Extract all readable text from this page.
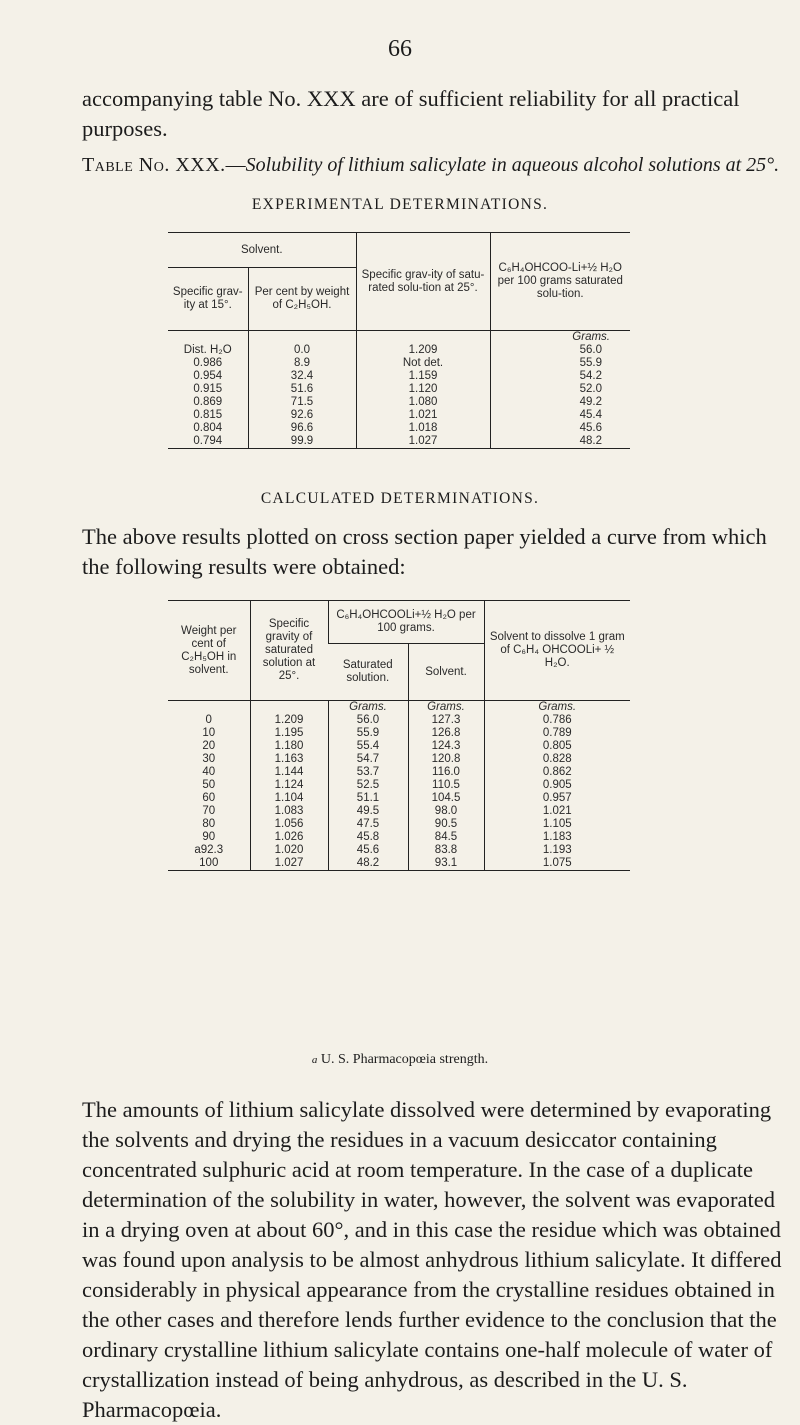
66
accompanying table No. XXX are of sufficient reliability for all practical purposes.
Table No. XXX.—Solubility of lithium salicylate in aqueous alcohol solutions at 25°.
EXPERIMENTAL DETERMINATIONS.
Solvent.		Specific grav-ity of satu-rated solu-tion at 25°.	C₆H₄OHCOO-Li+½ H₂O per 100 grams saturated solu-tion.
Specific grav-ity at 15°.	Per cent by weight of C₂H₅OH.		
			Grams.
Dist. H₂O	0.0	1.209	56.0
0.986	8.9	Not det.	55.9
0.954	32.4	1.159	54.2
0.915	51.6	1.120	52.0
0.869	71.5	1.080	49.2
0.815	92.6	1.021	45.4
0.804	96.6	1.018	45.6
0.794	99.9	1.027	48.2
CALCULATED DETERMINATIONS.
The above results plotted on cross section paper yielded a curve from which the following results were obtained:
Weight per cent of C₂H₅OH in solvent.	Specific gravity of saturated solution at 25°.	C₆H₄OHCOOLi+½ H₂O per 100 grams.		Solvent to dissolve 1 gram of C₆H₄ OHCOOLi+ ½ H₂O.
		Saturated solution.	Solvent.	
		Grams.	Grams.	Grams.
0	1.209	56.0	127.3	0.786
10	1.195	55.9	126.8	0.789
20	1.180	55.4	124.3	0.805
30	1.163	54.7	120.8	0.828
40	1.144	53.7	116.0	0.862
50	1.124	52.5	110.5	0.905
60	1.104	51.1	104.5	0.957
70	1.083	49.5	98.0	1.021
80	1.056	47.5	90.5	1.105
90	1.026	45.8	84.5	1.183
a92.3	1.020	45.6	83.8	1.193
100	1.027	48.2	93.1	1.075
a U. S. Pharmacopœia strength.
The amounts of lithium salicylate dissolved were determined by evaporating the solvents and drying the residues in a vacuum desiccator containing concentrated sulphuric acid at room temperature. In the case of a duplicate determination of the solubility in water, however, the solvent was evaporated in a drying oven at about 60°, and in this case the residue which was obtained was found upon analysis to be almost anhydrous lithium salicylate. It differed considerably in physical appearance from the crystalline residues obtained in the other cases and therefore lends further evidence to the conclusion that the ordinary crystalline lithium salicylate contains one-half molecule of water of crystallization instead of being anhydrous, as described in the U. S. Pharmacopœia.
